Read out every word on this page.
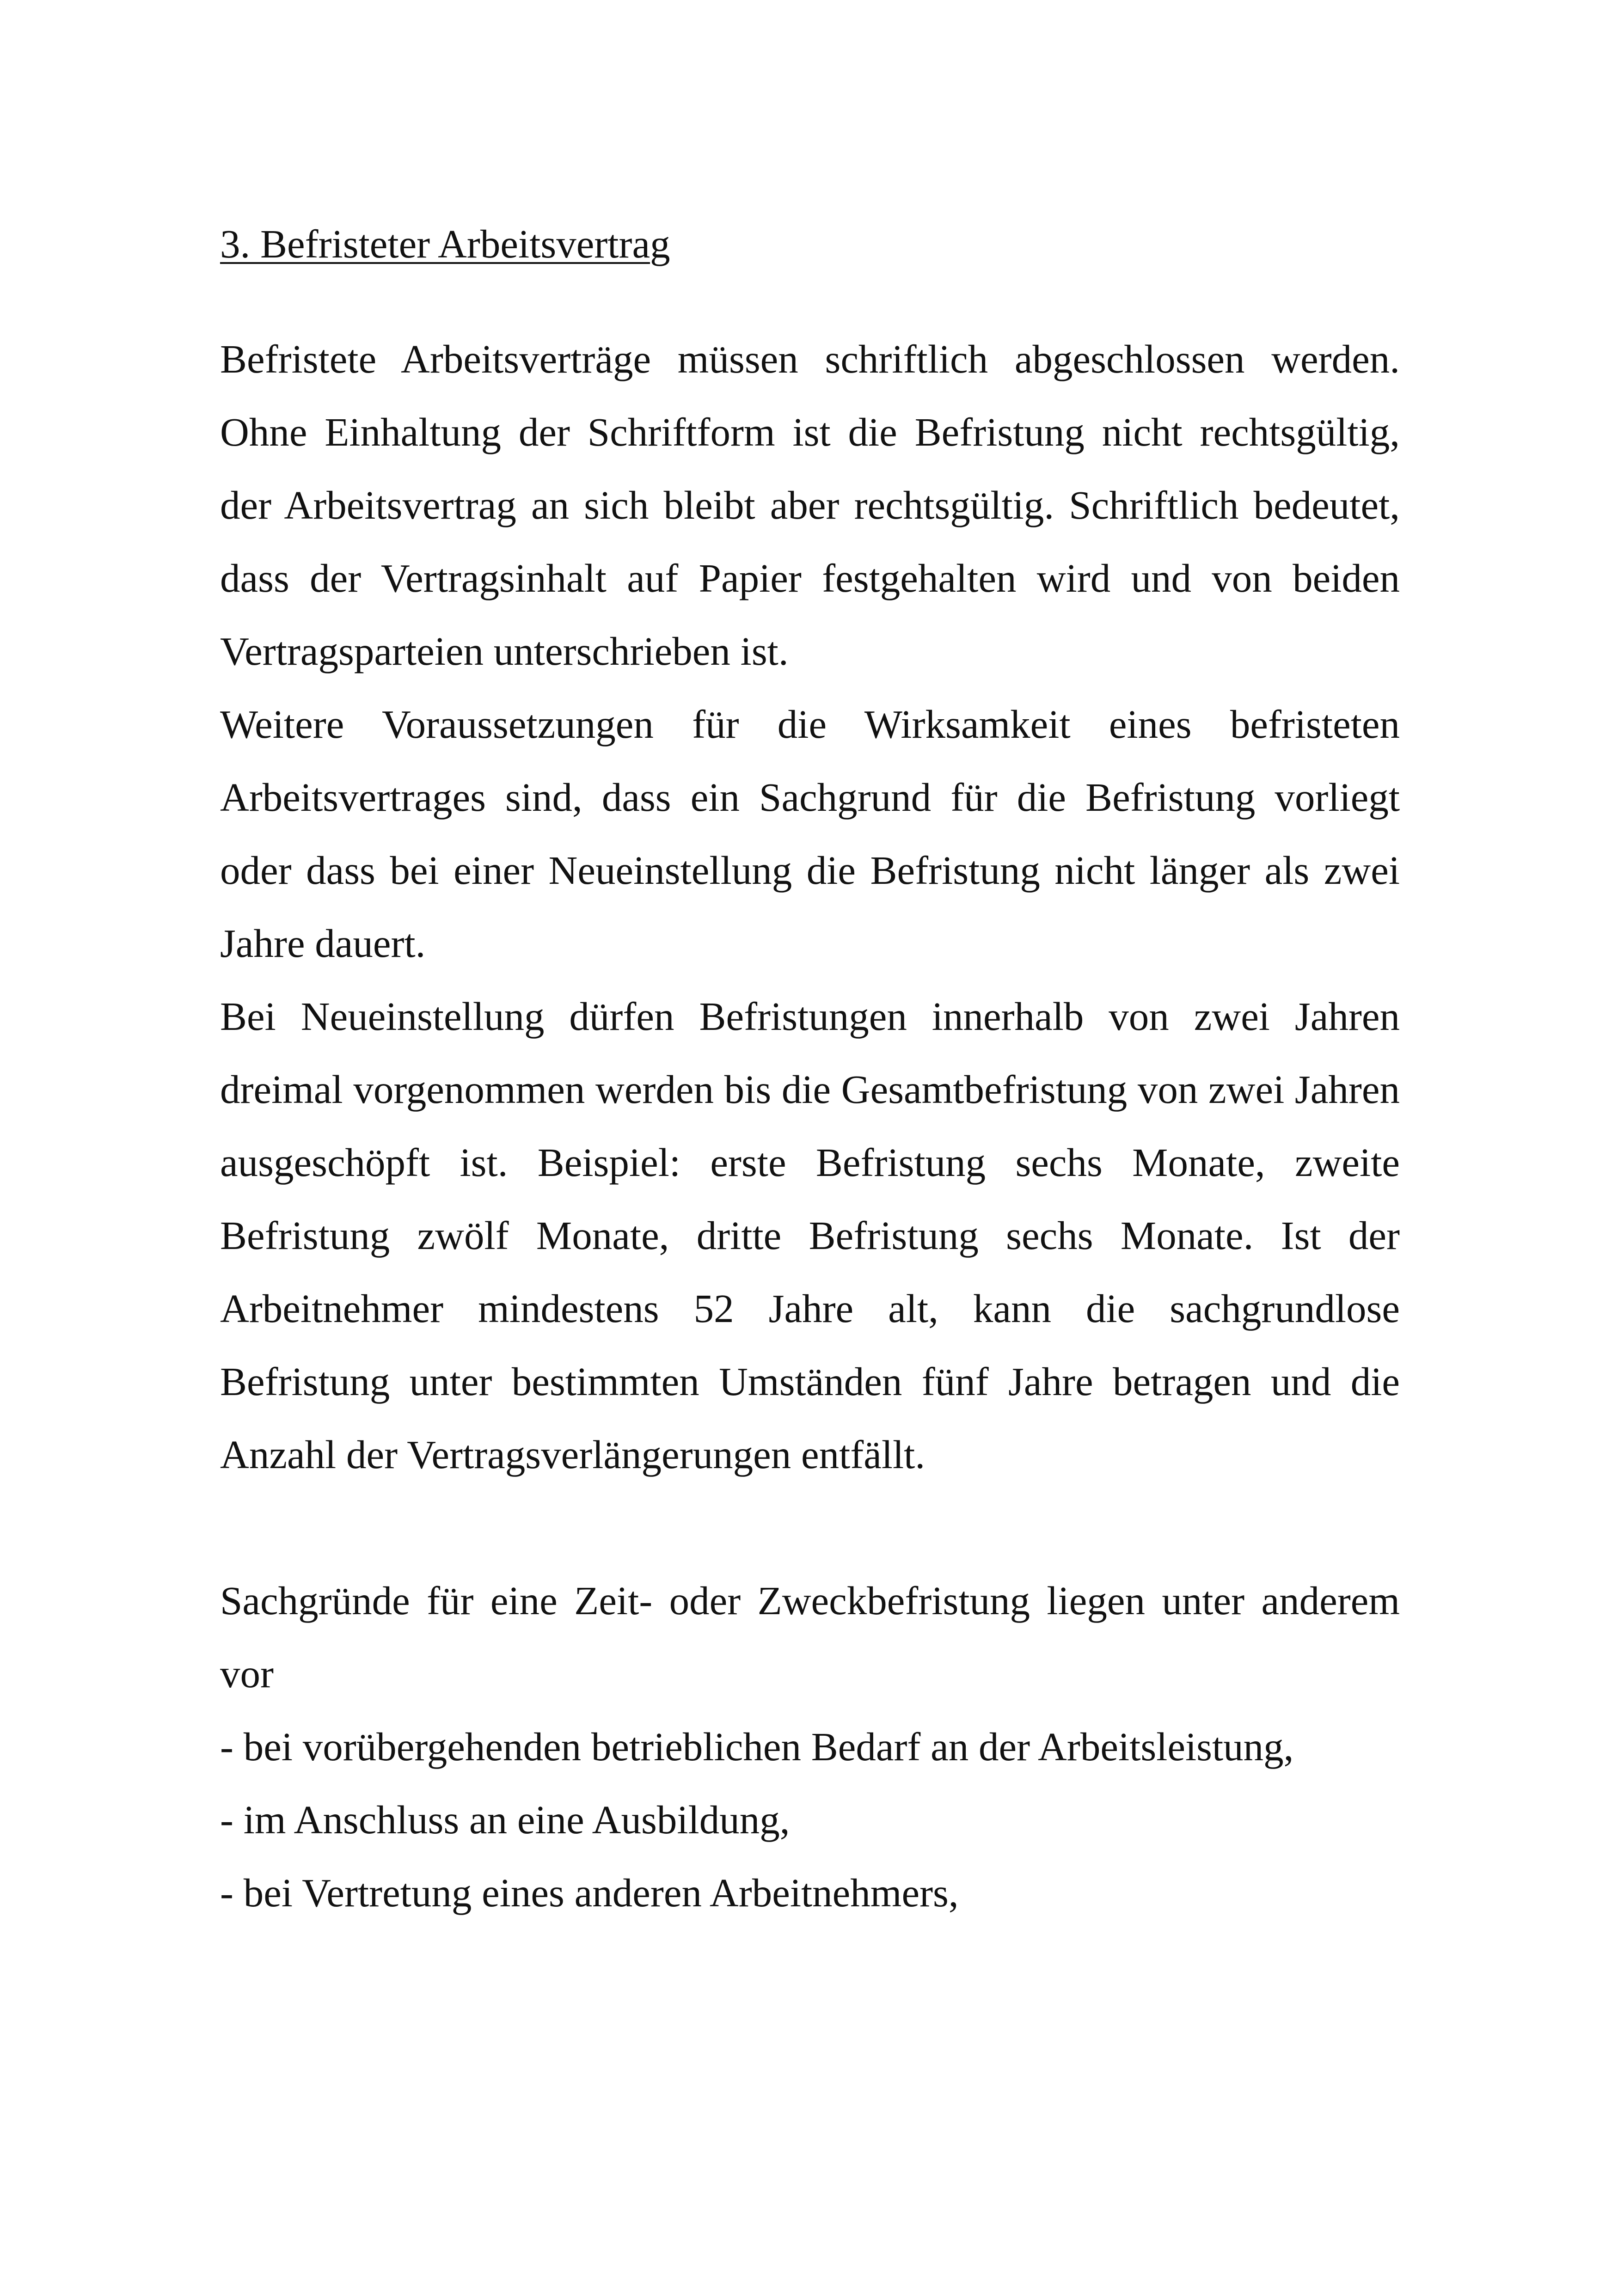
3. Befristeter Arbeitsvertrag

Befristete Arbeitsverträge müssen schriftlich abgeschlossen werden. Ohne Einhaltung der Schriftform ist die Befristung nicht rechtsgültig, der Arbeitsvertrag an sich bleibt aber rechtsgültig. Schriftlich bedeutet, dass der Vertragsinhalt auf Papier festgehalten wird und von beiden Vertragsparteien unterschrieben ist.

Weitere Voraussetzungen für die Wirksamkeit eines befristeten Arbeitsvertrages sind, dass ein Sachgrund für die Befristung vorliegt oder dass bei einer Neueinstellung die Befristung nicht länger als zwei Jahre dauert.

Bei Neueinstellung dürfen Befristungen innerhalb von zwei Jahren dreimal vorgenommen werden bis die Gesamtbefristung von zwei Jahren ausgeschöpft ist. Beispiel: erste Befristung sechs Monate, zweite Befristung zwölf Monate, dritte Befristung sechs Monate. Ist der Arbeitnehmer mindestens 52 Jahre alt, kann die sachgrundlose Befristung unter bestimmten Umständen fünf Jahre betragen und die Anzahl der Vertragsverlängerungen entfällt.

Sachgründe für eine Zeit- oder Zweckbefristung liegen unter anderem vor

- bei vorübergehenden betrieblichen Bedarf an der Arbeitsleistung,

- im Anschluss an eine Ausbildung,

- bei Vertretung eines anderen Arbeitnehmers,
